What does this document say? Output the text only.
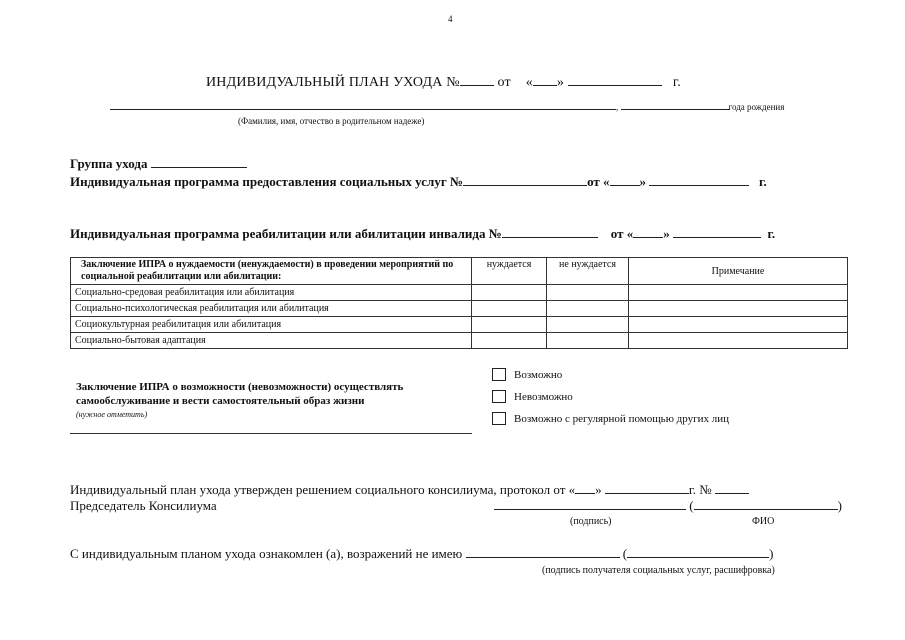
4
ИНДИВИДУАЛЬНЫЙ ПЛАН УХОДА №	от « »	г.
,	года рождения
(Фамилия, имя, отчество в родительном надеже)
Группа ухода
Индивидуальная программа предоставления социальных услуг №	от « »	г.
Индивидуальная программа реабилитации или абилитации инвалида №	от « »	г.
Заключение ИПРА о нуждаемости (ненуждаемости) в проведении мероприятий по социальной реабилитации или абилитации:	нуждается	не нуждается	Примечание
Социально-средовая реабилитация или абилитация			
Социально-психологическая реабилитация или абилитация			
Социокультурная реабилитация или абилитация			
Социально-бытовая адаптация			
Заключение ИПРА о возможности (невозможности) осуществлять самообслуживание и вести самостоятельный образ жизни
(нужное отметить)
Возможно
Невозможно
Возможно с регулярной помощью других лиц
Индивидуальный план ухода утвержден решением социального консилиума, протокол от « »	г. №
Председатель Консилиума	(	)
(подпись)	ФИО
С индивидуальным планом ухода ознакомлен (а), возражений не имею	(	)
(подпись получателя социальных услуг, расшифровка)
